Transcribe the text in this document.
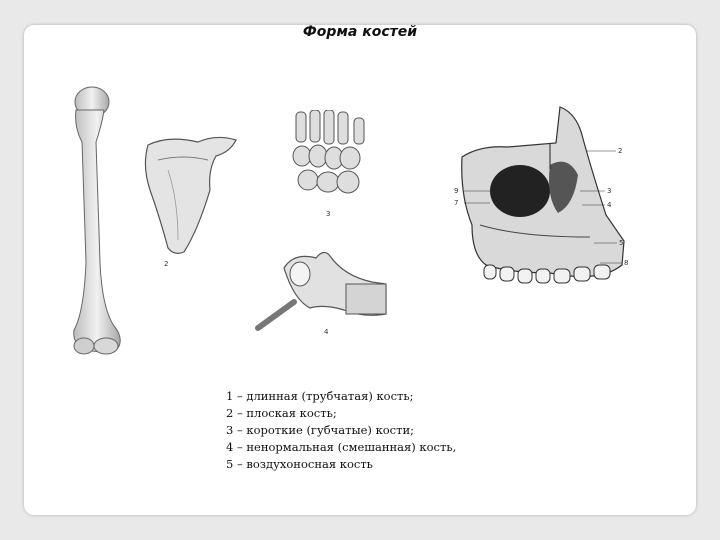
Форма костей
2
3
4
2
9
7
3
4
5
8
1 – длинная (трубчатая) кость;
2 – плоская кость;
3 – короткие (губчатые) кости;
4 – ненормальная (смешанная) кость,
5 – воздухоносная кость
